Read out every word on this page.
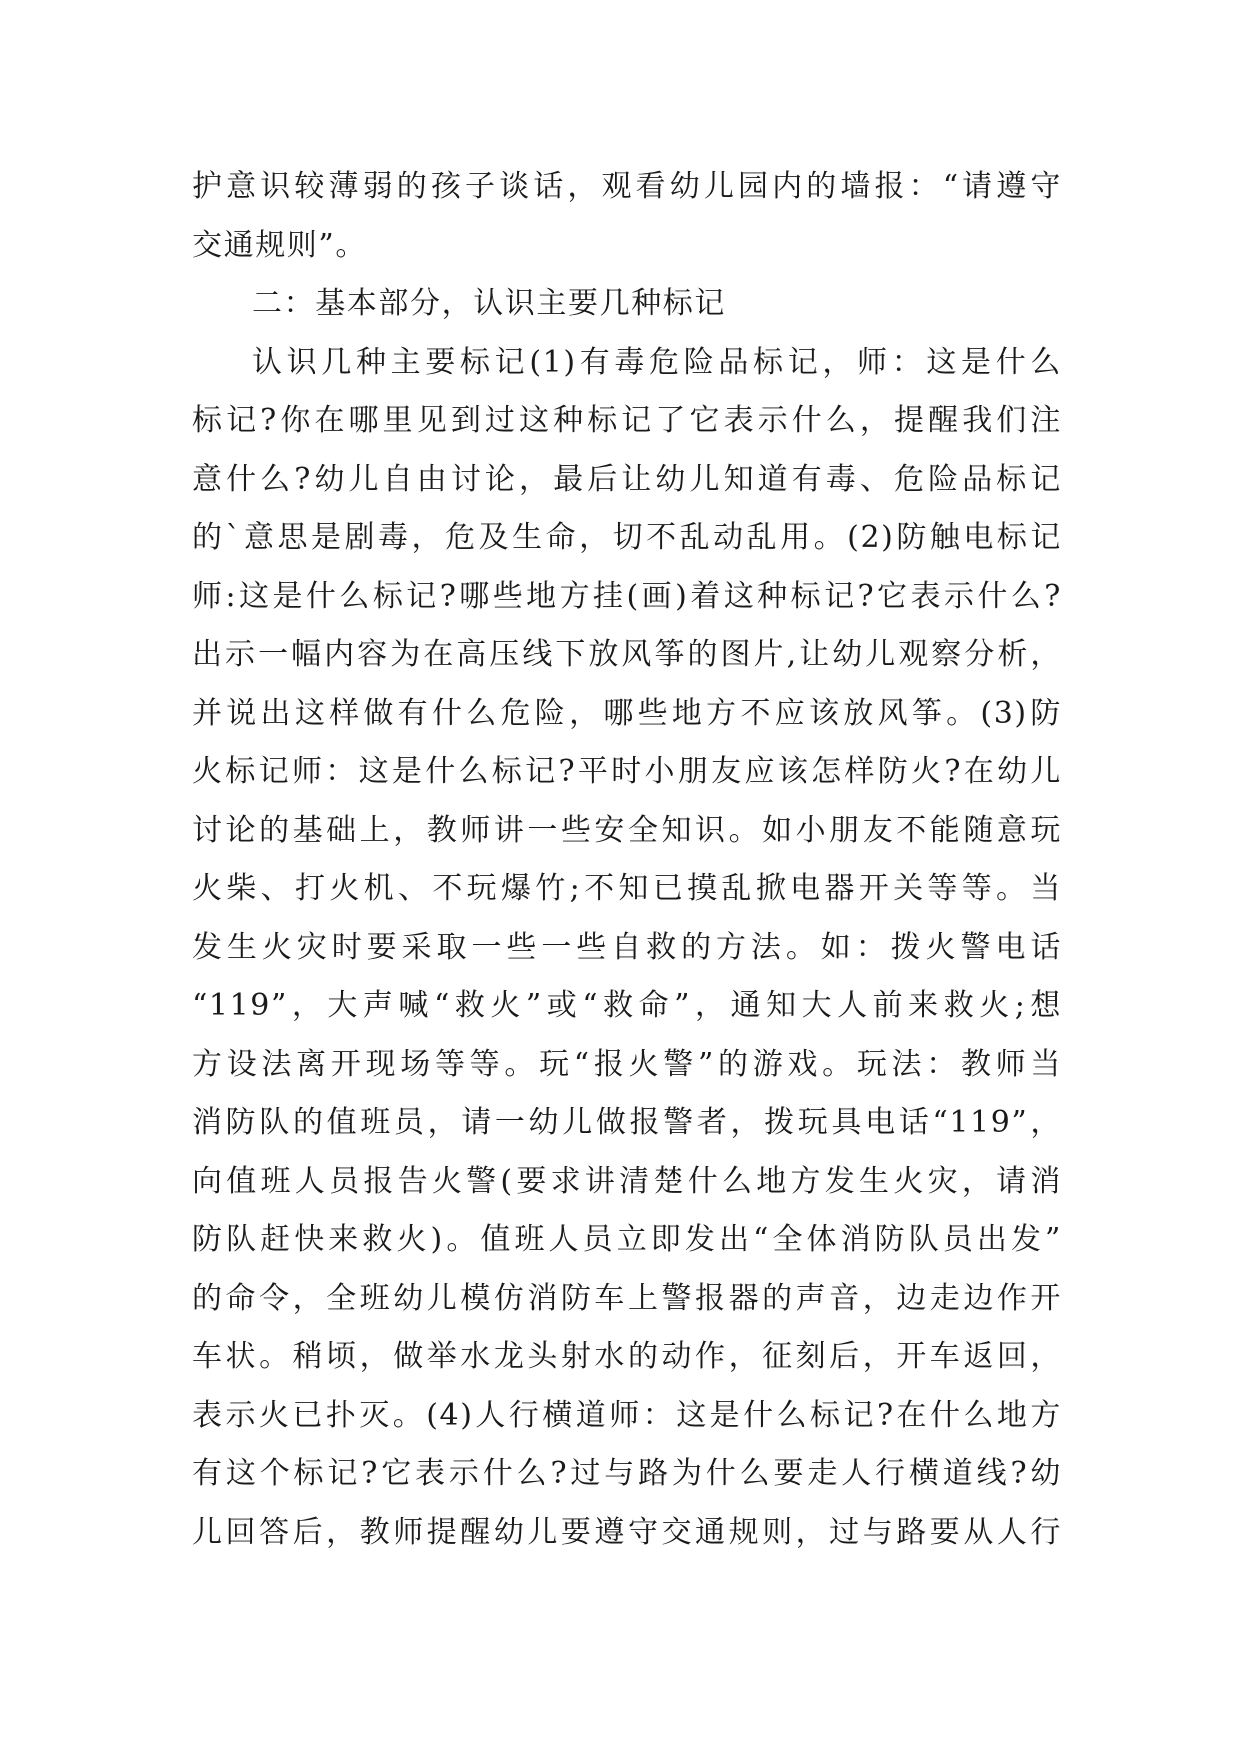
护意识较薄弱的孩子谈话，观看幼儿园内的墙报：“请遵守
交通规则”。
二：基本部分，认识主要几种标记
认识几种主要标记(1)有毒危险品标记，师：这是什么
标记?你在哪里见到过这种标记了它表示什么，提醒我们注
意什么?幼儿自由讨论，最后让幼儿知道有毒、危险品标记
的`意思是剧毒，危及生命，切不乱动乱用。(2)防触电标记
师:这是什么标记?哪些地方挂(画)着这种标记?它表示什么?
出示一幅内容为在高压线下放风筝的图片,让幼儿观察分析，
并说出这样做有什么危险，哪些地方不应该放风筝。(3)防
火标记师：这是什么标记?平时小朋友应该怎样防火?在幼儿
讨论的基础上，教师讲一些安全知识。如小朋友不能随意玩
火柴、打火机、不玩爆竹;不知已摸乱掀电器开关等等。当
发生火灾时要采取一些一些自救的方法。如：拨火警电话
“119”，大声喊“救火”或“救命”，通知大人前来救火;想
方设法离开现场等等。玩“报火警”的游戏。玩法：教师当
消防队的值班员，请一幼儿做报警者，拨玩具电话“119”，
向值班人员报告火警(要求讲清楚什么地方发生火灾，请消
防队赶快来救火)。值班人员立即发出“全体消防队员出发”
的命令，全班幼儿模仿消防车上警报器的声音，边走边作开
车状。稍顷，做举水龙头射水的动作，征刻后，开车返回，
表示火已扑灭。(4)人行横道师：这是什么标记?在什么地方
有这个标记?它表示什么?过与路为什么要走人行横道线?幼
儿回答后，教师提醒幼儿要遵守交通规则，过与路要从人行
